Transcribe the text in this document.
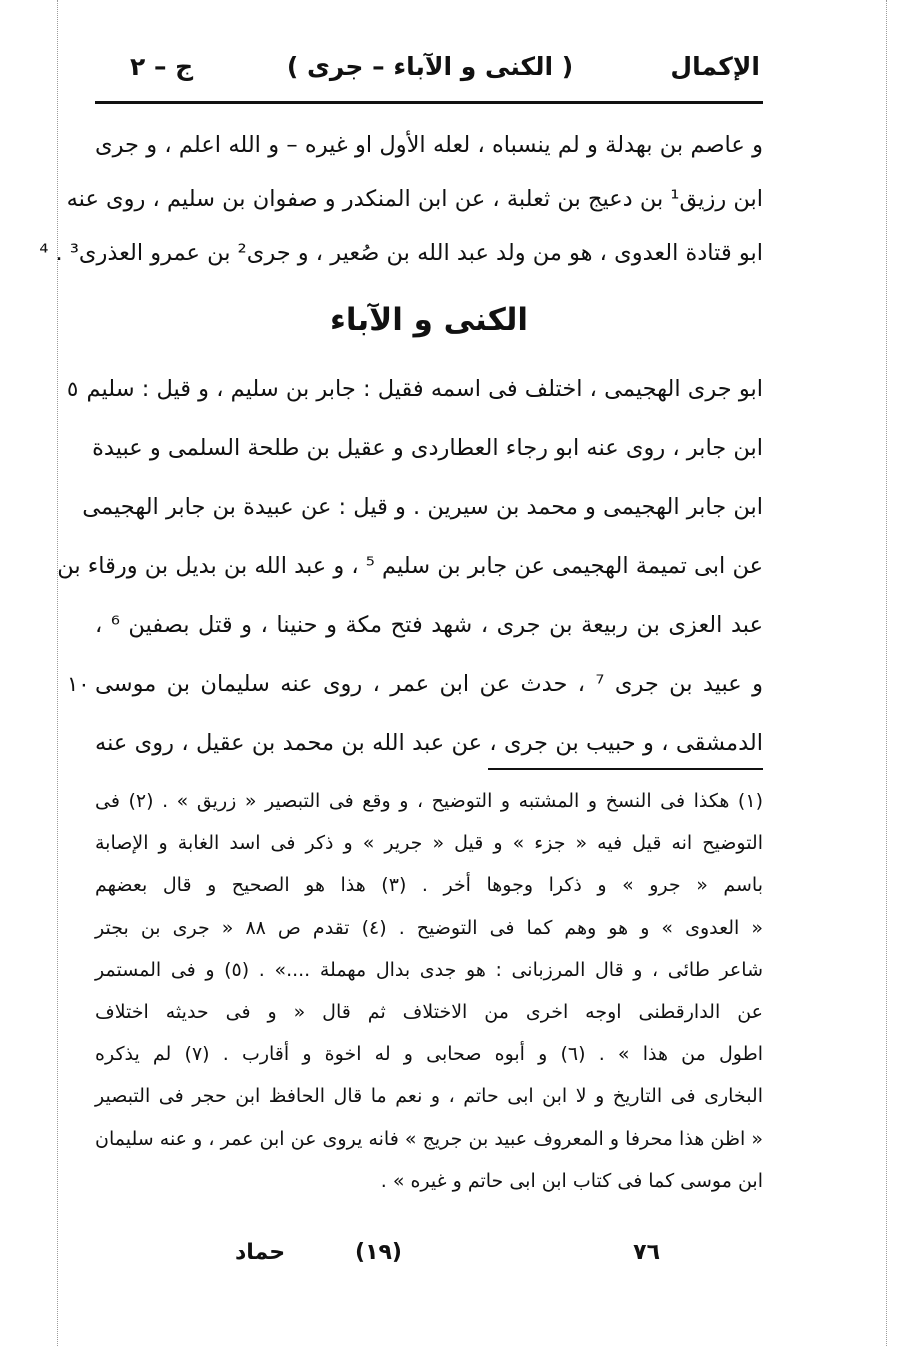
الإكمال
( الكنى و الآباء – جرى )
ج – ٢
و عاصم بن بهدلة و لم ينسباه ، لعله الأول او غيره – و الله اعلم ، و جرى
ابن رزيق¹ بن دعيج بن ثعلبة ، عن ابن المنكدر و صفوان بن سليم ، روى عنه
ابو قتادة العدوى ، هو من ولد عبد الله بن صُعير ، و جرى² بن عمرو العذرى³ . ⁴
الكنى و الآباء
٥ ابو جرى الهجيمى ، اختلف فى اسمه فقيل : جابر بن سليم ، و قيل : سليم
ابن جابر ، روى عنه ابو رجاء العطاردى و عقيل بن طلحة السلمى و عبيدة
ابن جابر الهجيمى و محمد بن سيرين . و قيل : عن عبيدة بن جابر الهجيمى
عن ابى تميمة الهجيمى عن جابر بن سليم ⁵ ، و عبد الله بن بديل بن ورقاء بن
عبد العزى بن ربيعة بن جرى ، شهد فتح مكة و حنينا ، و قتل بصفين ⁶ ،
١٠ و عبيد بن جرى ⁷ ، حدث عن ابن عمر ، روى عنه سليمان بن موسى
الدمشقى ، و حبيب بن جرى ، عن عبد الله بن محمد بن عقيل ، روى عنه
(١) هكذا فى النسخ و المشتبه و التوضيح ، و وقع فى التبصير « زريق » . (٢) فى
التوضيح انه قيل فيه « جزء » و قيل « جرير » و ذكر فى اسد الغابة و الإصابة
باسم « جرو » و ذكرا وجوها أخر . (٣) هذا هو الصحيح و قال بعضهم
« العدوى » و هو وهم كما فى التوضيح . (٤) تقدم ص ٨٨ « جرى بن بجتر
شاعر طائى ، و قال المرزبانى : هو جدى بدال مهملة ....» . (٥) و فى المستمر
عن الدارقطنى اوجه اخرى من الاختلاف ثم قال « و فى حديثه اختلاف
اطول من هذا » . (٦) و أبوه صحابى و له اخوة و أقارب . (٧) لم يذكره
البخارى فى التاريخ و لا ابن ابى حاتم ، و نعم ما قال الحافظ ابن حجر فى التبصير
« اظن هذا محرفا و المعروف عبيد بن جريج » فانه يروى عن ابن عمر ، و عنه سليمان
ابن موسى كما فى كتاب ابن ابى حاتم و غيره » .
٧٦
(١٩)
حماد
